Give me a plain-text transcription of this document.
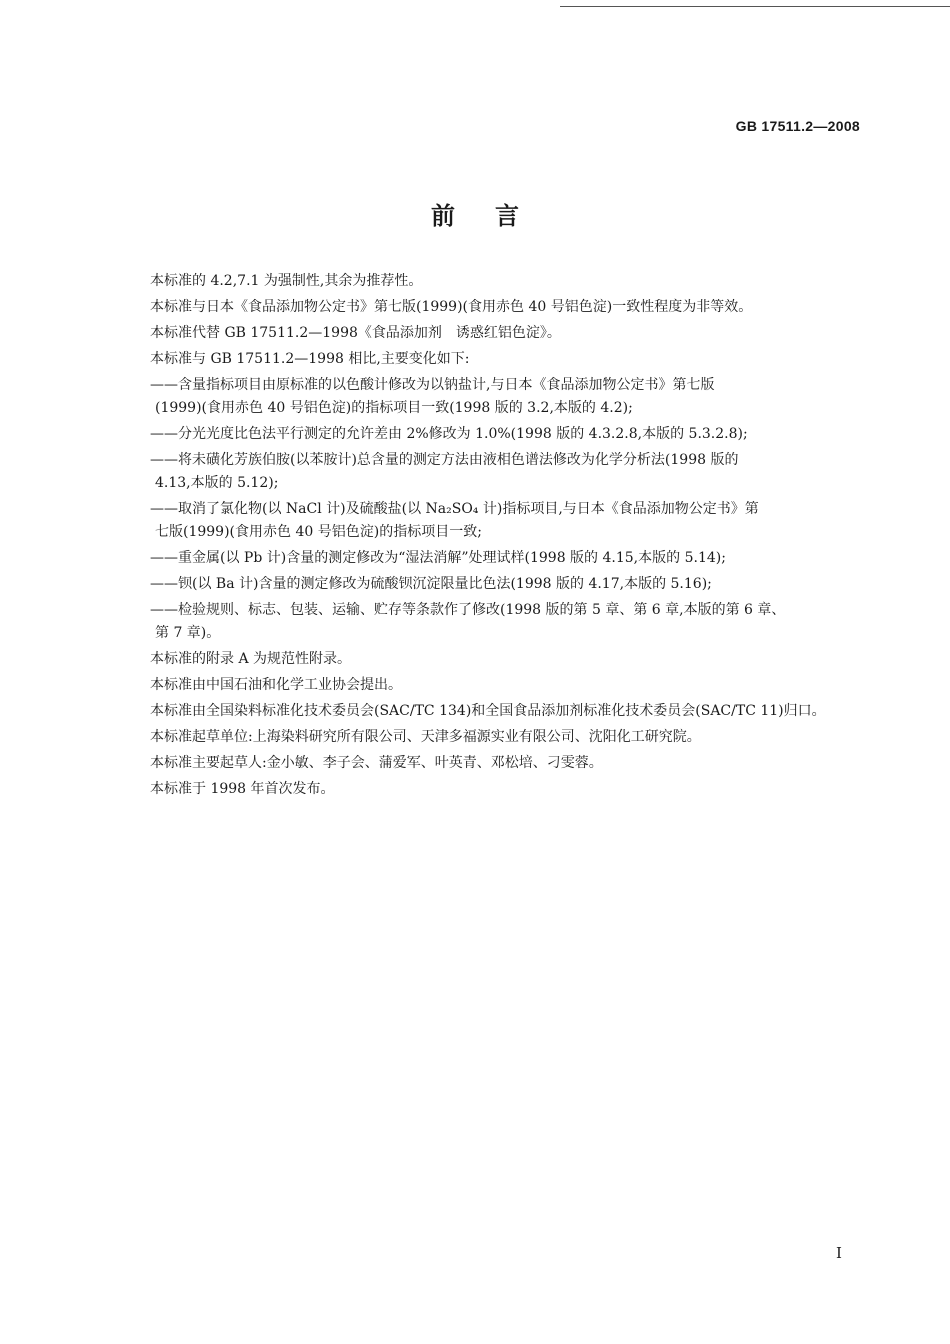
GB 17511.2—2008
前言

本标准的 4.2,7.1 为强制性,其余为推荐性。

本标准与日本《食品添加物公定书》第七版(1999)(食用赤色 40 号铝色淀)一致性程度为非等效。

本标准代替 GB 17511.2—1998《食品添加剂　诱惑红铝色淀》。

本标准与 GB 17511.2—1998 相比,主要变化如下:

——含量指标项目由原标准的以色酸计修改为以钠盐计,与日本《食品添加物公定书》第七版
(1999)(食用赤色 40 号铝色淀)的指标项目一致(1998 版的 3.2,本版的 4.2);
——分光光度比色法平行测定的允许差由 2%修改为 1.0%(1998 版的 4.3.2.8,本版的 5.3.2.8);
——将未磺化芳族伯胺(以苯胺计)总含量的测定方法由液相色谱法修改为化学分析法(1998 版的
4.13,本版的 5.12);
——取消了氯化物(以 NaCl 计)及硫酸盐(以 Na₂SO₄ 计)指标项目,与日本《食品添加物公定书》第
七版(1999)(食用赤色 40 号铝色淀)的指标项目一致;
——重金属(以 Pb 计)含量的测定修改为“湿法消解”处理试样(1998 版的 4.15,本版的 5.14);
——钡(以 Ba 计)含量的测定修改为硫酸钡沉淀限量比色法(1998 版的 4.17,本版的 5.16);
——检验规则、标志、包装、运输、贮存等条款作了修改(1998 版的第 5 章、第 6 章,本版的第 6 章、
第 7 章)。

本标准的附录 A 为规范性附录。

本标准由中国石油和化学工业协会提出。

本标准由全国染料标准化技术委员会(SAC/TC 134)和全国食品添加剂标准化技术委员会(SAC/TC 11)归口。

本标准起草单位:上海染料研究所有限公司、天津多福源实业有限公司、沈阳化工研究院。

本标准主要起草人:金小敏、李子会、蒲爱军、叶英青、邓松培、刁雯蓉。

本标准于 1998 年首次发布。

I
